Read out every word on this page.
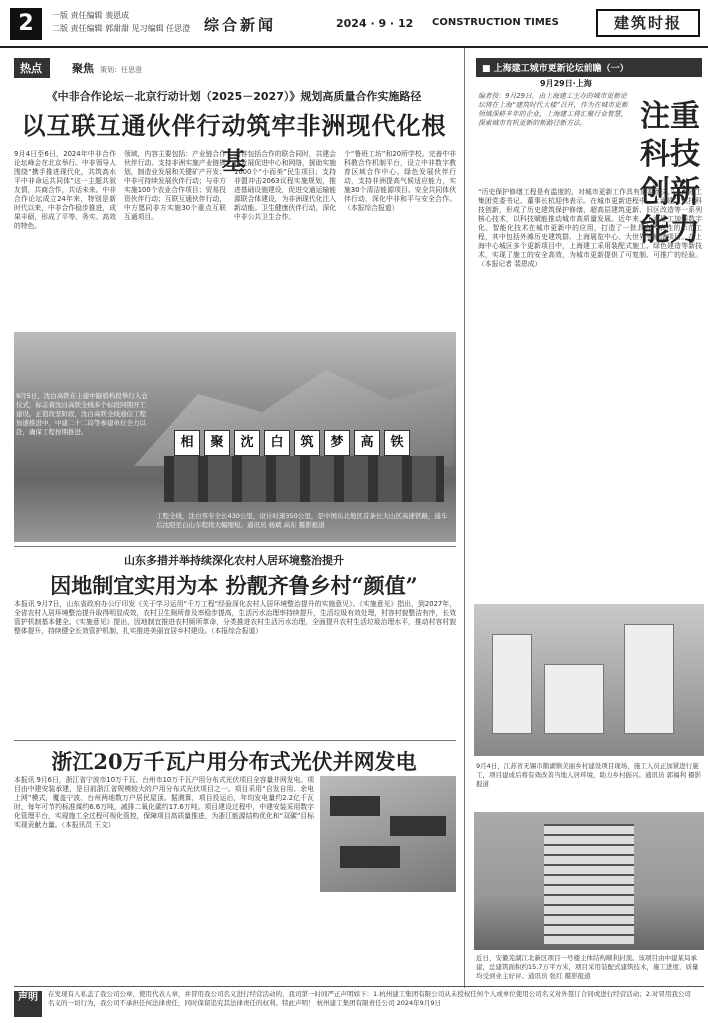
2	一版 责任编辑 裴恩成
二版 责任编辑 郭甜甜 见习编辑 任思澄 综合新闻	2024 · 9 · 12 CONSTRUCTION TIMES	建筑时报
热点	聚焦 策划：任思澄
《中非合作论坛－北京行动计划（2025－2027）》规划高质量合作实施路径
以互联互通伙伴行动筑牢非洲现代化根基
9月4日至6日，2024年中非合作论坛峰会在北京举行。中非领导人围绕“携手推进现代化，共筑高水平中非命运共同体”这一主题共叙友情，共商合作，共话未来。中非合作论坛成立24年来，特别是新时代以来，中非合作稳步推进，成果丰硕，形成了平等、务实、高效的特色。
领域，内容主要包括：产业链合作伙伴行动、支持非洲实施产业链规划，制造业发展和关键矿产开发；中非可持续发展伙伴行动；与非方实施100个农业合作项目；贸易投资伙伴行动；互联互通伙伴行动，中方愿同非方实施30个重点互联互通项目。
内容包括合作的联合同时，共建会谈发展促进中心和网络，援助实施1000个“小而美”民生项目；支持非盟冲击2063议程实施规划，推进基础设施建设，促进交通运输能源联合体建设，为非洲现代化注入新动能。卫生健康伙伴行动，深化中非公共卫生合作。
个“鲁班工坊”和20所学校。完善中非科教合作机制平台，设立中非数字教育区域合作中心。绿色发展伙伴行动，支持非洲提高气候适应能力，实施30个清洁能源项目。安全共同体伙伴行动，深化中非和平与安全合作。（本报综合报道）
相	聚	沈	白	筑	梦	高	铁
9月5日，沈白高铁在上建中隧盾构段举行入仓仪式，标志着沈白高铁全线多个标段同期开工建设。正值攻坚阶段，沈白高铁全线通信工程加速推进中，中建二十二局等参建单位全力以赴，确保工程按期推进。
工程全线，沈白客专全长430公里，设计时速350公里，是中国东北地区首条长大山区高速铁路，通车后沈阳至白山车程将大幅缩短。通讯员 杨斌 高东 摄影报道
■ 上海建工城市更新论坛前瞻（一）
9月29日·上海
编者按：9月29日，由上海建工主办的城市更新论坛将在上海“建筑时代大楼”召开，作为在城市更新领域深耕多年的企业，上海建工将汇聚行业智慧，探索城市有机更新的新路径新方法。	注重科技创新能力
“历史保护修缮工程是有温度的，对城市更新工作具有重要意义。”上海建工集团党委书记、董事长杭迎伟表示。在城市更新进程中，上海建工依托科技创新，形成了历史建筑保护修缮、超高层建筑更新、旧区改造等一系列核心技术，以科技赋能推动城市高质量发展。近年来，上海建工加强数字化、智能化技术在城市更新中的应用，打造了一批具有代表性的示范工程，其中包括外滩历史建筑群、上海展览中心、大世界等修缮项目。在上海中心城区多个更新项目中，上海建工采用装配式施工、绿色建造等新技术，实现了施工的安全高效，为城市更新提供了可复制、可推广的经验。（本报记者 裴恩成）
山东多措并举持续深化农村人居环境整治提升
因地制宜实用为本 扮靓齐鲁乡村“颜值”
本报讯 9月7日，山东省政府办公厅印发《关于学习运用“千万工程”经验深化农村人居环境整治提升的实施意见》。《实施意见》指出，到2027年，全省农村人居环境整治提升取得明显成效，农村卫生厕所普及率稳步提高，生活污水治理率持续提升，生活垃圾有效处理，村容村貌整洁有序，长效管护机制基本健全。《实施意见》提出，因地制宜推进农村厕所革命，分类推进农村生活污水治理，全面提升农村生活垃圾治理水平，推动村容村貌整体提升，持续健全长效管护机制，扎实推进美丽宜居乡村建设。（本报综合报道）
9月4日，江苏省无锡市鹅湖镇美丽乡村建设项目现场，施工人员正加紧进行施工，项目建成后将有效改善当地人居环境，助力乡村振兴。通讯员 郭福利 摄影报道
浙江20万千瓦户用分布式光伏并网发电
本报讯 9月6日，浙江省宁波市10万千瓦、台州市10万千瓦户用分布式光伏项目全容量并网发电。项目由中建安装承建，是目前浙江省规模较大的户用分布式光伏项目之一。项目采用“自发自用、余电上网”模式，覆盖宁波、台州两地数万户居民屋顶。据测算，项目投运后，年均发电量约2.2亿千瓦时，每年可节约标准煤约6.6万吨，减排二氧化碳约17.6万吨。项目建设过程中，中建安装采用数字化管理平台，实现施工全过程可视化管控，保障项目高质量推进，为浙江能源结构优化和“双碳”目标实现贡献力量。（本报讯员 王文）
近日，安徽芜湖江北新区项目一号楼主体结构顺利封顶。该项目由中建某局承建，总建筑面积约15.7万平方米，项目采用装配式建筑技术，施工进度、质量均受到业主好评。通讯员 张红 摄影报道
声明	在发现有人私盖了我公司公章、使用代表人章，并冒用我公司名义进行经营活动的，我司第一时间严正声明如下：1.杭州建工集团有限公司从未授权任何个人或单位使用公司名义对外签订合同或进行经营活动；2.对冒用我公司名义的一切行为，我公司不承担任何法律责任，同时保留追究其法律责任的权利。特此声明！ 杭州建工集团有限责任公司 2024年9月9日
